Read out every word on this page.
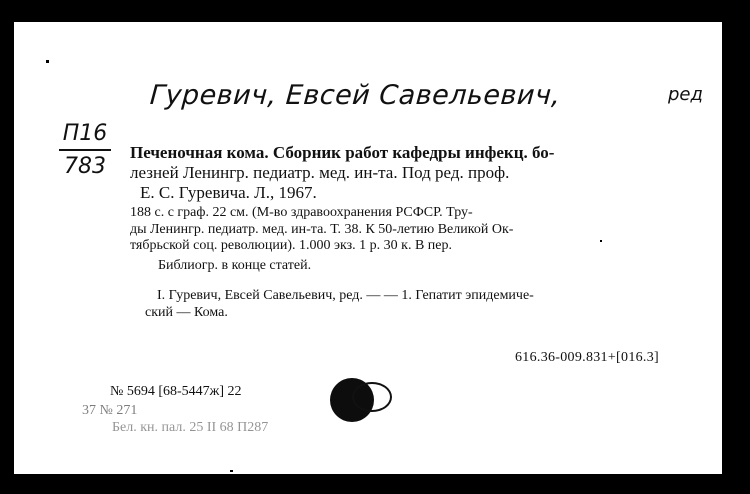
Гуревич, Евсей Савельевич,	ред
П16
783
Печеночная кома. Сборник работ кафедры инфекц. бо-
лезней Ленингр. педиатр. мед. ин-та. Под ред. проф.
Е. С. Гуревича. Л., 1967.
188 с. с граф. 22 см. (М-во здравоохранения РСФСР. Тру-
ды Ленингр. педиатр. мед. ин-та. Т. 38. К 50-летию Великой Ок-
тябрьской соц. революции). 1.000 экз. 1 р. 30 к. В пер.
Библиогр. в конце статей.
I. Гуревич, Евсей Савельевич, ред. — — 1. Гепатит эпидемиче-
ский — Кома.
616.36-009.831+[016.3]
№ 5694 [68-5447ж] 22
37 № 271
Бел. кн. пал. 25 II 68 П287
